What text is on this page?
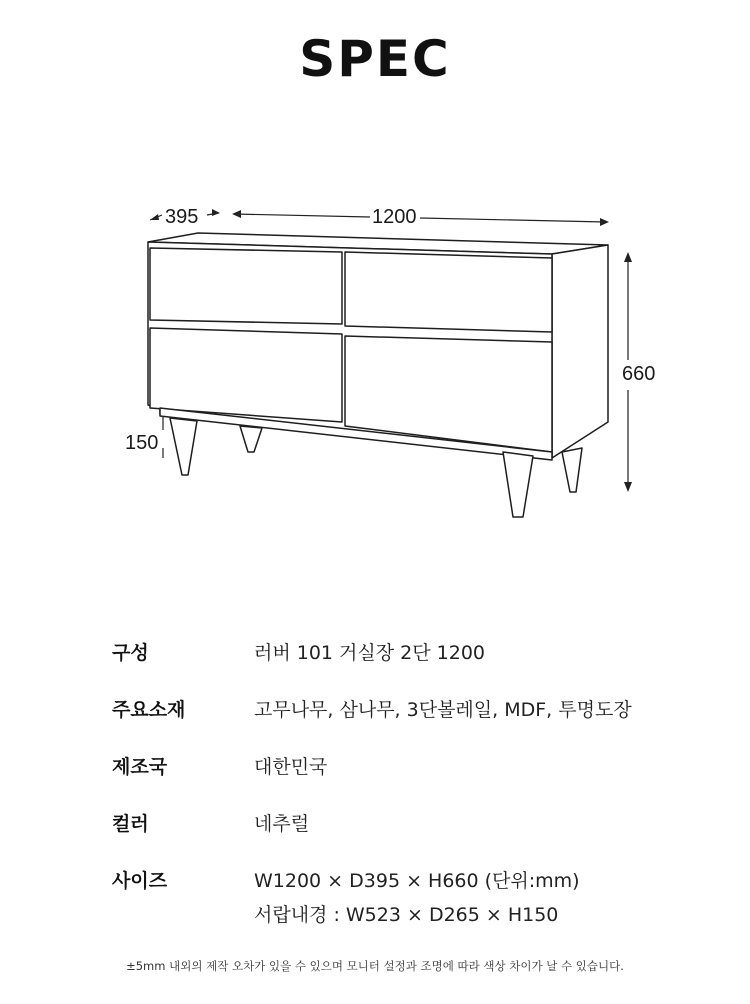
SPEC
395	1200
660
150
구성	러버 101 거실장 2단 1200
주요소재	고무나무, 삼나무, 3단볼레일, MDF, 투명도장
제조국	대한민국
컬러	네추럴
사이즈	W1200 × D395 × H660 (단위:mm)
서랍내경 : W523 × D265 × H150
±5mm 내외의 제작 오차가 있을 수 있으며 모니터 설정과 조명에 따라 색상 차이가 날 수 있습니다.
